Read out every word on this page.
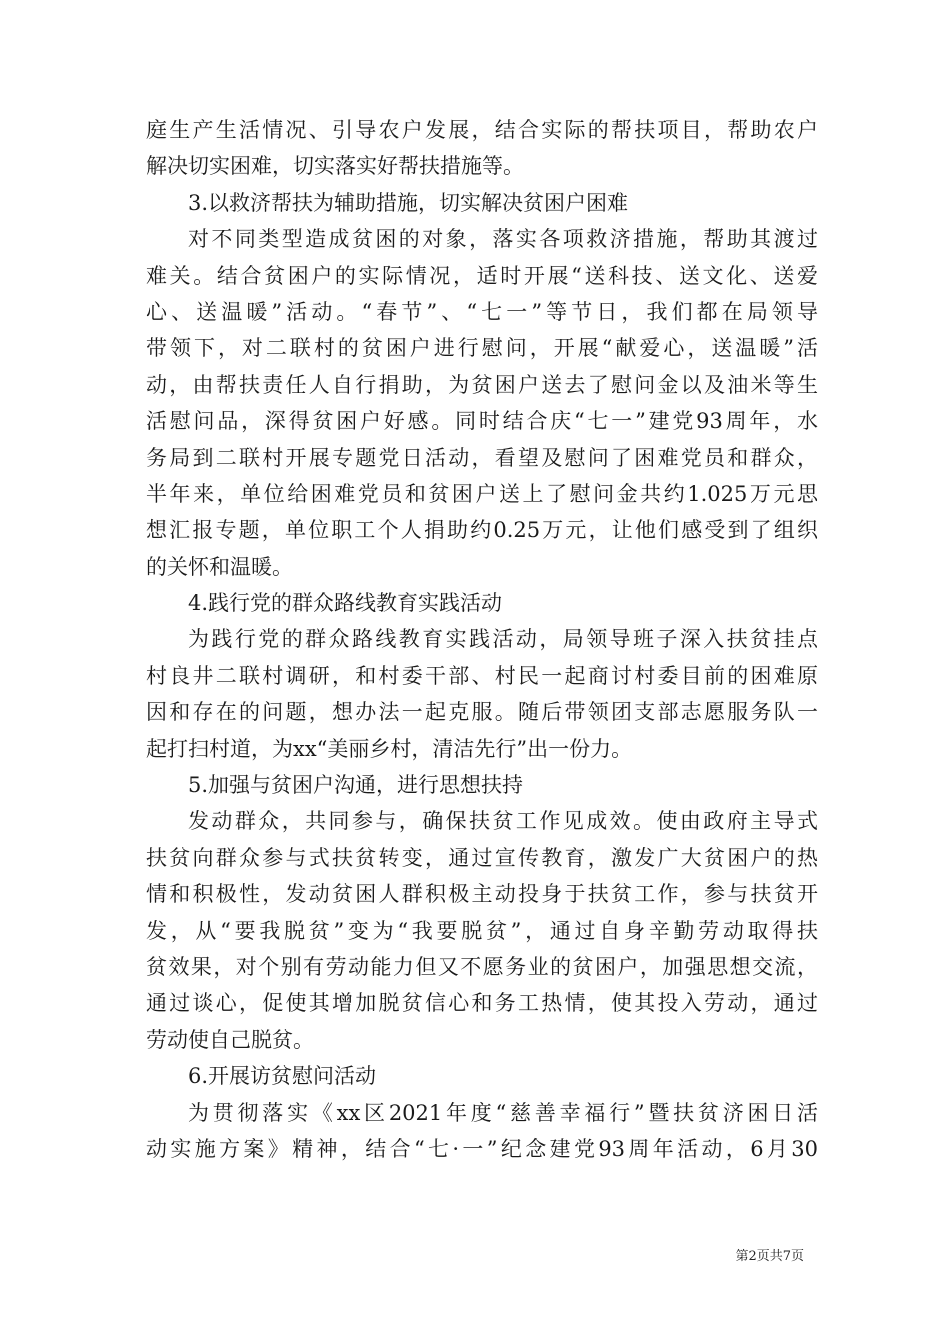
庭生产生活情况、引导农户发展，结合实际的帮扶项目，帮助农户
解决切实困难，切实落实好帮扶措施等。
3.以救济帮扶为辅助措施，切实解决贫困户困难
对不同类型造成贫困的对象，落实各项救济措施，帮助其渡过
难关。结合贫困户的实际情况，适时开展“送科技、送文化、送爱
心、送温暖”活动。“春节”、“七一”等节日，我们都在局领导
带领下，对二联村的贫困户进行慰问，开展“献爱心，送温暖”活
动，由帮扶责任人自行捐助，为贫困户送去了慰问金以及油米等生
活慰问品，深得贫困户好感。同时结合庆“七一”建党93周年，水
务局到二联村开展专题党日活动，看望及慰问了困难党员和群众，
半年来，单位给困难党员和贫困户送上了慰问金共约1.025万元思
想汇报专题，单位职工个人捐助约0.25万元，让他们感受到了组织
的关怀和温暖。
4.践行党的群众路线教育实践活动
为践行党的群众路线教育实践活动，局领导班子深入扶贫挂点
村良井二联村调研，和村委干部、村民一起商讨村委目前的困难原
因和存在的问题，想办法一起克服。随后带领团支部志愿服务队一
起打扫村道，为xx“美丽乡村，清洁先行”出一份力。
5.加强与贫困户沟通，进行思想扶持
发动群众，共同参与，确保扶贫工作见成效。使由政府主导式
扶贫向群众参与式扶贫转变，通过宣传教育，激发广大贫困户的热
情和积极性，发动贫困人群积极主动投身于扶贫工作，参与扶贫开
发，从“要我脱贫”变为“我要脱贫”，通过自身辛勤劳动取得扶
贫效果，对个别有劳动能力但又不愿务业的贫困户，加强思想交流，
通过谈心，促使其增加脱贫信心和务工热情，使其投入劳动，通过
劳动使自己脱贫。
6.开展访贫慰问活动
为贯彻落实《xx区2021年度“慈善幸福行”暨扶贫济困日活
动实施方案》精神，结合“七·一”纪念建党93周年活动，6月30
第2页共7页
